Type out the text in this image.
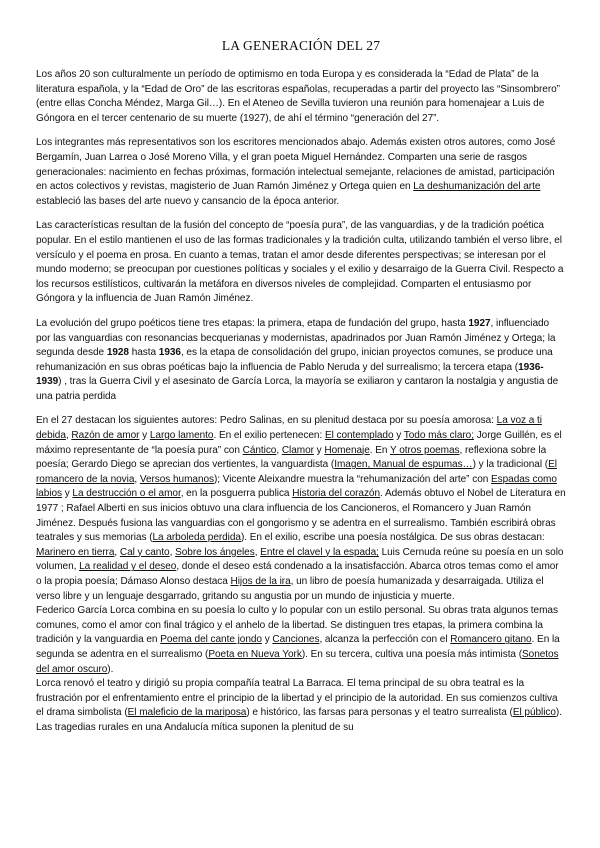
LA GENERACIÓN DEL 27

Los años 20 son culturalmente un período de optimismo en toda Europa y es considerada la “Edad de Plata” de la literatura española, y la “Edad de Oro” de las escritoras españolas, recuperadas a partir del proyecto las “Sinsombrero” (entre ellas Concha Méndez, Marga Gil…). En el Ateneo de Sevilla tuvieron una reunión para homenajear a Luis de Góngora en el tercer centenario de su muerte (1927), de ahí el término “generación del 27”.

Los integrantes más representativos son los escritores mencionados abajo. Además existen otros autores, como José Bergamín, Juan Larrea o José Moreno Villa, y el gran poeta Miguel Hernández. Comparten una serie de rasgos generacionales: nacimiento en fechas próximas, formación intelectual semejante, relaciones de amistad, participación en actos colectivos y revistas, magisterio de Juan Ramón Jiménez y Ortega quien en La deshumanización del arte estableció las bases del arte nuevo y cansancio de la época anterior.

Las características resultan de la fusión del concepto de “poesía pura”, de las vanguardias, y de la tradición poética popular. En el estilo mantienen el uso de las formas tradicionales y la tradición culta, utilizando también el verso libre, el versículo y el poema en prosa. En cuanto a temas, tratan el amor desde diferentes perspectivas; se interesan por el mundo moderno; se preocupan por cuestiones políticas y sociales y el exilio y desarraigo de la Guerra Civil. Respecto a los recursos estilísticos, cultivarán la metáfora en diversos niveles de complejidad. Comparten el entusiasmo por Góngora y la influencia de Juan Ramón Jiménez.

La evolución del grupo poéticos tiene tres etapas: la primera, etapa de fundación del grupo, hasta 1927, influenciado por las vanguardias con resonancias becquerianas y modernistas, apadrinados por Juan Ramón Jiménez y Ortega; la segunda desde 1928 hasta 1936, es la etapa de consolidación del grupo, inician proyectos comunes, se produce una rehumanización en sus obras poéticas bajo la influencia de Pablo Neruda y del surrealismo; la tercera etapa (1936-1939) , tras la Guerra Civil y el asesinato de García Lorca, la mayoría se exiliaron y cantaron la nostalgia y angustia de una patria perdida

En el 27 destacan los siguientes autores: Pedro Salinas, en su plenitud destaca por su poesía amorosa: La voz a ti debida, Razón de amor y Largo lamento. En el exilio pertenecen: El contemplado y Todo más claro; Jorge Guillén, es el máximo representante de “la poesía pura” con Cántico, Clamor y Homenaje. En Y otros poemas, reflexiona sobre la poesía; Gerardo Diego se aprecian dos vertientes, la vanguardista (Imagen, Manual de espumas…) y la tradicional (El romancero de la novia, Versos humanos); Vicente Aleixandre muestra la “rehumanización del arte” con Espadas como labios y La destrucción o el amor, en la posguerra publica Historia del corazón. Además obtuvo el Nobel de Literatura en 1977 ; Rafael Alberti en sus inicios obtuvo una clara influencia de los Cancioneros, el Romancero y Juan Ramón Jiménez. Después fusiona las vanguardias con el gongorismo y se adentra en el surrealismo. También escribirá obras teatrales y sus memorias (La arboleda perdida). En el exilio, escribe una poesía nostálgica. De sus obras destacan: Marinero en tierra, Cal y canto, Sobre los ángeles, Entre el clavel y la espada; Luis Cernuda reúne su poesía en un solo volumen, La realidad y el deseo, donde el deseo está condenado a la insatisfacción. Abarca otros temas como el amor o la propia poesía; Dámaso Alonso destaca Hijos de la ira, un libro de poesía humanizada y desarraigada. Utiliza el verso libre y un lenguaje desgarrado, gritando su angustia por un mundo de injusticia y muerte.

Federico García Lorca combina en su poesía lo culto y lo popular con un estilo personal. Su obras trata algunos temas comunes, como el amor con final trágico y el anhelo de la libertad. Se distinguen tres etapas, la primera combina la tradición y la vanguardia en Poema del cante jondo y Canciones, alcanza la perfección con el Romancero gitano. En la segunda se adentra en el surrealismo (Poeta en Nueva York). En su tercera, cultiva una poesía más intimista (Sonetos del amor oscuro).

Lorca renovó el teatro y dirigió su propia compañía teatral La Barraca. El tema principal de su obra teatral es la frustración por el enfrentamiento entre el principio de la libertad y el principio de la autoridad. En sus comienzos cultiva el drama simbolista (El maleficio de la mariposa) e histórico, las farsas para personas y el teatro surrealista (El público). Las tragedias rurales en una Andalucía mítica suponen la plenitud de su
